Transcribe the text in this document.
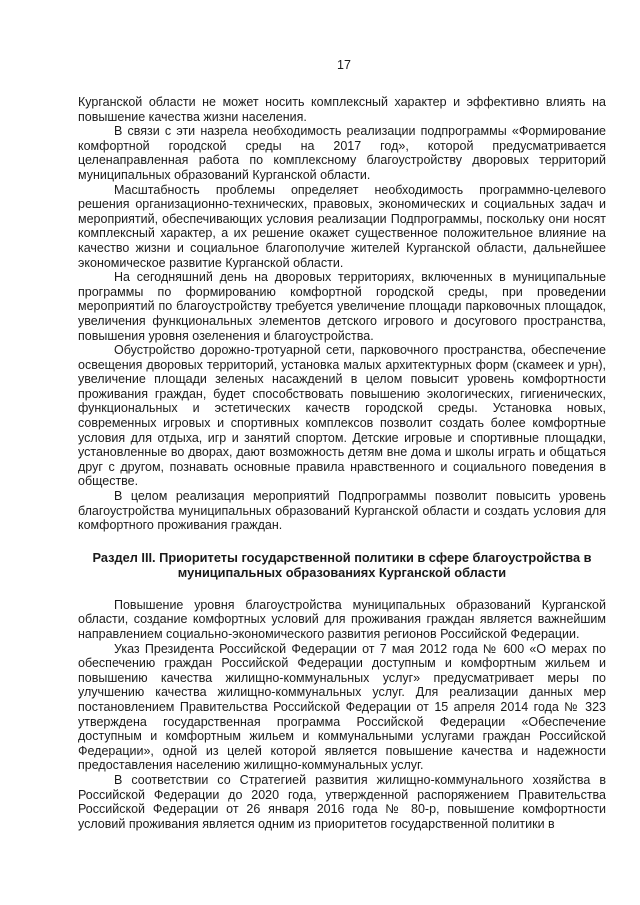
17

Курганской области не может носить комплексный характер и эффективно влиять на повышение качества жизни населения.

В связи с эти назрела необходимость реализации подпрограммы «Формирование комфортной городской среды на 2017 год», которой предусматривается целенаправленная работа по комплексному благоустройству дворовых территорий муниципальных образований Курганской области.

Масштабность проблемы определяет необходимость программно-целевого решения организационно-технических, правовых, экономических и социальных задач и мероприятий, обеспечивающих условия реализации Подпрограммы, поскольку они носят комплексный характер, а их решение окажет существенное положительное влияние на качество жизни и социальное благополучие жителей Курганской области, дальнейшее экономическое развитие Курганской области.

На сегодняшний день на дворовых территориях, включенных в муниципальные программы по формированию комфортной городской среды, при проведении мероприятий по благоустройству требуется увеличение площади парковочных площадок, увеличения функциональных элементов детского игрового и досугового пространства, повышения уровня озеленения и благоустройства.

Обустройство дорожно-тротуарной сети, парковочного пространства, обеспечение освещения дворовых территорий, установка малых архитектурных форм (скамеек и урн), увеличение площади зеленых насаждений в целом повысит уровень комфортности проживания граждан, будет способствовать повышению экологических, гигиенических, функциональных и эстетических качеств городской среды. Установка новых, современных игровых и спортивных комплексов позволит создать более комфортные условия для отдыха, игр и занятий спортом. Детские игровые и спортивные площадки, установленные во дворах, дают возможность детям вне дома и школы играть и общаться друг с другом, познавать основные правила нравственного и социального поведения в обществе.

В целом реализация мероприятий Подпрограммы позволит повысить уровень благоустройства муниципальных образований Курганской области и создать условия для комфортного проживания граждан.

Раздел III. Приоритеты государственной политики в сфере благоустройства в муниципальных образованиях Курганской области

Повышение уровня благоустройства муниципальных образований Курганской области, создание комфортных условий для проживания граждан является важнейшим направлением социально-экономического развития регионов Российской Федерации.

Указ Президента Российской Федерации от 7 мая 2012 года № 600 «О мерах по обеспечению граждан Российской Федерации доступным и комфортным жильем и повышению качества жилищно-коммунальных услуг» предусматривает меры по улучшению качества жилищно-коммунальных услуг. Для реализации данных мер постановлением Правительства Российской Федерации от 15 апреля 2014 года № 323 утверждена государственная программа Российской Федерации «Обеспечение доступным и комфортным жильем и коммунальными услугами граждан Российской Федерации», одной из целей которой является повышение качества и надежности предоставления населению жилищно-коммунальных услуг.

В соответствии со Стратегией развития жилищно-коммунального хозяйства в Российской Федерации до 2020 года, утвержденной распоряжением Правительства Российской Федерации от 26 января 2016 года № 80-р, повышение комфортности условий проживания является одним из приоритетов государственной политики в
